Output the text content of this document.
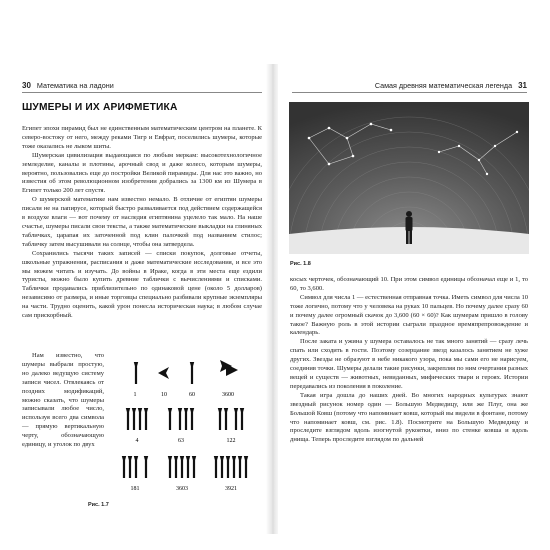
30 Математика на ладони
ШУМЕРЫ И ИХ АРИФМЕТИКА

Египет эпохи пирамид был не единственным математическим центром на планете. К северо-востоку от него, между реками Тигр и Евфрат, поселились шумеры, которые тоже оказались не лыком шиты.

Шумерская цивилизация выдающаяся по любым меркам: высокотехнологичное земледелие, каналы и плотины, арочный свод и даже колесо, которым шумеры, вероятно, пользовались еще до постройки Великой пирамиды. Для нас это важно, но известия об этом революционном изобретении добрались за 1300 км из Шумера в Египет только 200 лет спустя.

О шумерской математике нам известно немало. В отличие от египтян шумеры писали не на папирусе, который быстро разваливается под действием содержащейся в воздухе влаги — вот почему от наследия египтянина уцелело так мало. На наше счастье, шумеры писали свои тексты, а также математические выкладки на глиняных табличках, царапая их заточенной под клин палочкой под названием стилос; табличку затем высушивали на солнце, чтобы она затвердела.

Сохранились тысячи таких записей — списки покупок, долговые отчеты, школьные упражнения, расписания и даже математические исследования, и все это мы можем читать и изучать. До войны в Ираке, когда в эти места еще ездили туристы, можно было купить древние таблички с вычислениями и списками. Таблички продавались приблизительно по одинаковой цене (около 5 долларов) независимо от размера, и иные торговцы специально разбивали крупные экземпляры на части. Трудно оценить, какой урон понесла историческая наука; в любом случае сам прискорбный.

Нам известно, что шумеры выбрали простую, но далеко ведущую систему записи чисел. Отвлекаясь от поздних модификаций, можно сказать, что шумеры записывали любое число, используя всего два символа — прямую вертикальную черту, обозначающую единицу, и уголок по двух

1	10	60	3600
4	63	122
181	3603	3921
Рис. 1.7
Самая древняя математическая легенда 31
Рис. 1.8

косых черточек, обозначающий 10. При этом символ единицы обозначал еще и 1, то 60, то 3,600.

Символ для числа 1 — естественная отправная точка. Иметь символ для числа 10 тоже логично, потому что у человека на руках 10 пальцев. Но почему далее сразу 60 и почему далее огромный скачок до 3,600 (60 × 60)? Как шумерам пришло в голову такое? Важную роль в этой истории сыграли праздное времяпрепровождение и календарь.

После заката и ужина у шумера оставалось не так много занятий — сразу лечь спать или сходить в гости. Поэтому созерцание звезд казалось занятием не хуже других. Звезды не образуют в небе никакого узора, пока мы сами его не нарисуем, соединив точки. Шумеры делали такие рисунки, закрепляя по ним очертания разных вещей и существ — животных, невиданных, мифических твари и героях. Истории передавались из поколения в поколение.

Такая игра дошла до наших дней. Во многих народных культурах знают звездный рисунок номер один — Большую Медведицу, или же Плуг, она же Большой Ковш (потому что напоминает ковш, который вы видели в фонтане, потому что напоминает ковш, см. рис. 1.8). Посмотрите на Большую Медведицу и проследите взглядом вдоль изогнутой рукоятки, вниз по стенке ковша и вдоль днища. Теперь проследите взглядом по дальней
